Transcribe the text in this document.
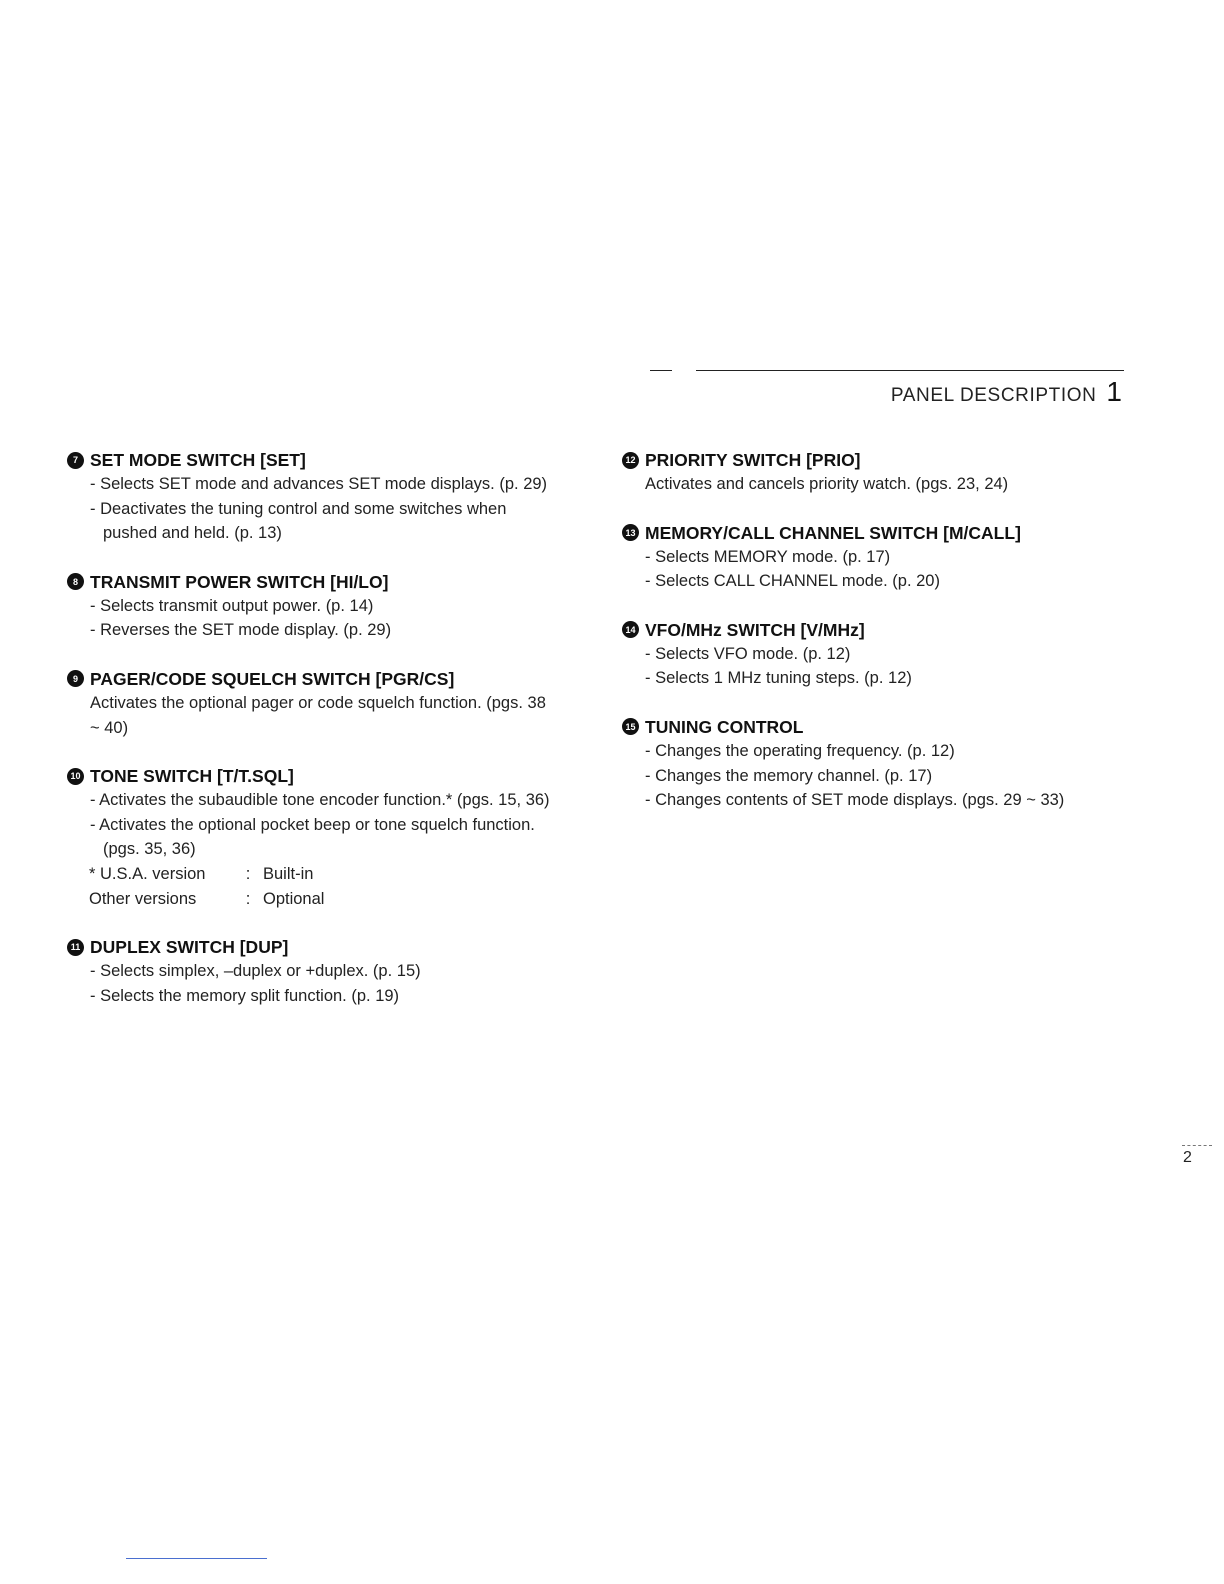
PANEL DESCRIPTION 1
7 SET MODE SWITCH [SET]
- Selects SET mode and advances SET mode displays. (p. 29)
- Deactivates the tuning control and some switches when pushed and held. (p. 13)
8 TRANSMIT POWER SWITCH [HI/LO]
- Selects transmit output power. (p. 14)
- Reverses the SET mode display. (p. 29)
9 PAGER/CODE SQUELCH SWITCH [PGR/CS]
Activates the optional pager or code squelch function. (pgs. 38 ~ 40)
10 TONE SWITCH [T/T.SQL]
- Activates the subaudible tone encoder function.* (pgs. 15, 36)
- Activates the optional pocket beep or tone squelch function. (pgs. 35, 36)
* U.S.A. version	: Built-in
Other versions	: Optional
11 DUPLEX SWITCH [DUP]
- Selects simplex, –duplex or +duplex. (p. 15)
- Selects the memory split function. (p. 19)
12 PRIORITY SWITCH [PRIO]
Activates and cancels priority watch. (pgs. 23, 24)
13 MEMORY/CALL CHANNEL SWITCH [M/CALL]
- Selects MEMORY mode. (p. 17)
- Selects CALL CHANNEL mode. (p. 20)
14 VFO/MHz SWITCH [V/MHz]
- Selects VFO mode. (p. 12)
- Selects 1 MHz tuning steps. (p. 12)
15 TUNING CONTROL
- Changes the operating frequency. (p. 12)
- Changes the memory channel. (p. 17)
- Changes contents of SET mode displays. (pgs. 29 ~ 33)
2
